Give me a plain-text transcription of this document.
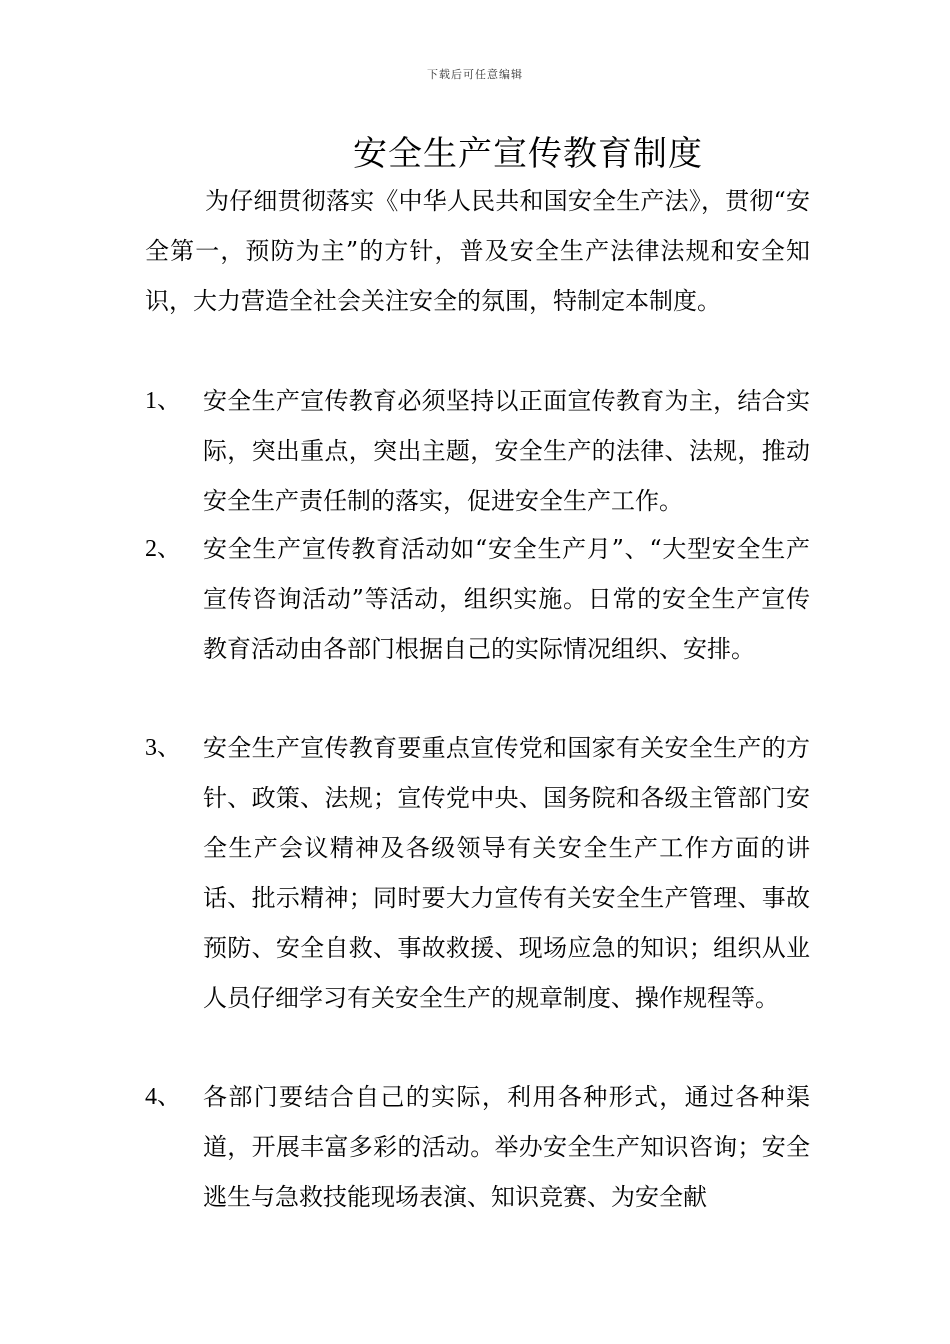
下载后可任意编辑
安全生产宣传教育制度

为仔细贯彻落实《中华人民共和国安全生产法》，贯彻“安全第一，预防为主”的方针，普及安全生产法律法规和安全知识，大力营造全社会关注安全的氛围，特制定本制度。

1、 安全生产宣传教育必须坚持以正面宣传教育为主，结合实际，突出重点，突出主题，安全生产的法律、法规，推动安全生产责任制的落实，促进安全生产工作。
2、 安全生产宣传教育活动如“安全生产月”、“大型安全生产宣传咨询活动”等活动，组织实施。日常的安全生产宣传教育活动由各部门根据自己的实际情况组织、安排。
3、 安全生产宣传教育要重点宣传党和国家有关安全生产的方针、政策、法规；宣传党中央、国务院和各级主管部门安全生产会议精神及各级领导有关安全生产工作方面的讲话、批示精神；同时要大力宣传有关安全生产管理、事故预防、安全自救、事故救援、现场应急的知识；组织从业人员仔细学习有关安全生产的规章制度、操作规程等。
4、 各部门要结合自己的实际，利用各种形式，通过各种渠道，开展丰富多彩的活动。举办安全生产知识咨询；安全逃生与急救技能现场表演、知识竞赛、为安全献
